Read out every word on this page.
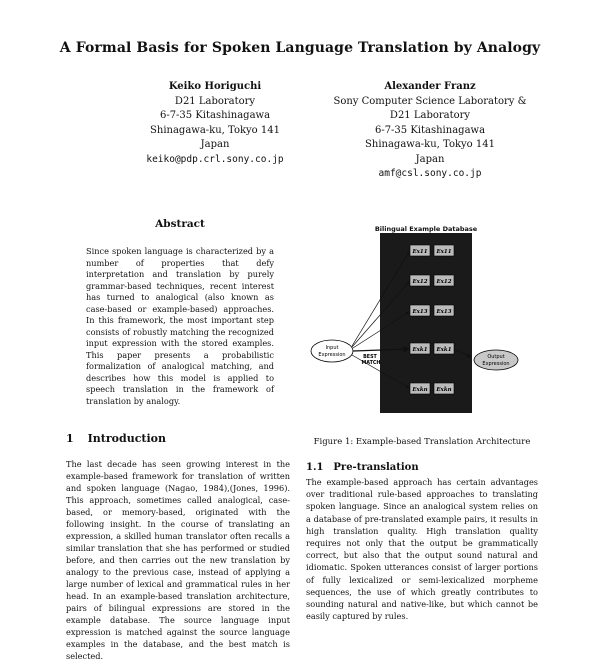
A Formal Basis for Spoken Language Translation by Analogy
Keiko Horiguchi
D21 Laboratory
6-7-35 Kitashinagawa
Shinagawa-ku, Tokyo 141
Japan
keiko@pdp.crl.sony.co.jp
Alexander Franz
Sony Computer Science Laboratory &
D21 Laboratory
6-7-35 Kitashinagawa
Shinagawa-ku, Tokyo 141
Japan
amf@csl.sony.co.jp
Abstract

Since spoken language is characterized by a number of properties that defy interpretation and translation by purely grammar-based techniques, recent interest has turned to analogical (also known as case-based or example-based) approaches. In this framework, the most important step consists of robustly matching the recognized input expression with the stored examples. This paper presents a probabilistic formalization of analogical matching, and describes how this model is applied to speech translation in the framework of translation by analogy.

1 Introduction

The last decade has seen growing interest in the example-based framework for translation of written and spoken language (Nagao, 1984),(Jones, 1996). This approach, sometimes called analogical, case-based, or memory-based, originated with the following insight. In the course of translating an expression, a skilled human translator often recalls a similar translation that she has performed or studied before, and then carries out the new translation by analogy to the previous case, instead of applying a large number of lexical and grammatical rules in her head. In an example-based translation architecture, pairs of bilingual expressions are stored in the example database. The source language input expression is matched against the source language examples in the database, and the best match is selected.

Bilingual Example Database
Ex11 Ex11
Ex12 Ex12
Ex13 Ex13
Exk1 Exk1
Exkn Exkn
Input
Expression	BEST
MATCH
Output
Expression
Figure 1: Example-based Translation Architecture
1.1 Pre-translation

The example-based approach has certain advantages over traditional rule-based approaches to translating spoken language. Since an analogical system relies on a database of pre-translated example pairs, it results in high translation quality. High translation quality requires not only that the output be grammatically correct, but also that the output sound natural and idiomatic. Spoken utterances consist of larger portions of fully lexicalized or semi-lexicalized morpheme sequences, the use of which greatly contributes to sounding natural and native-like, but which cannot be easily captured by rules.
